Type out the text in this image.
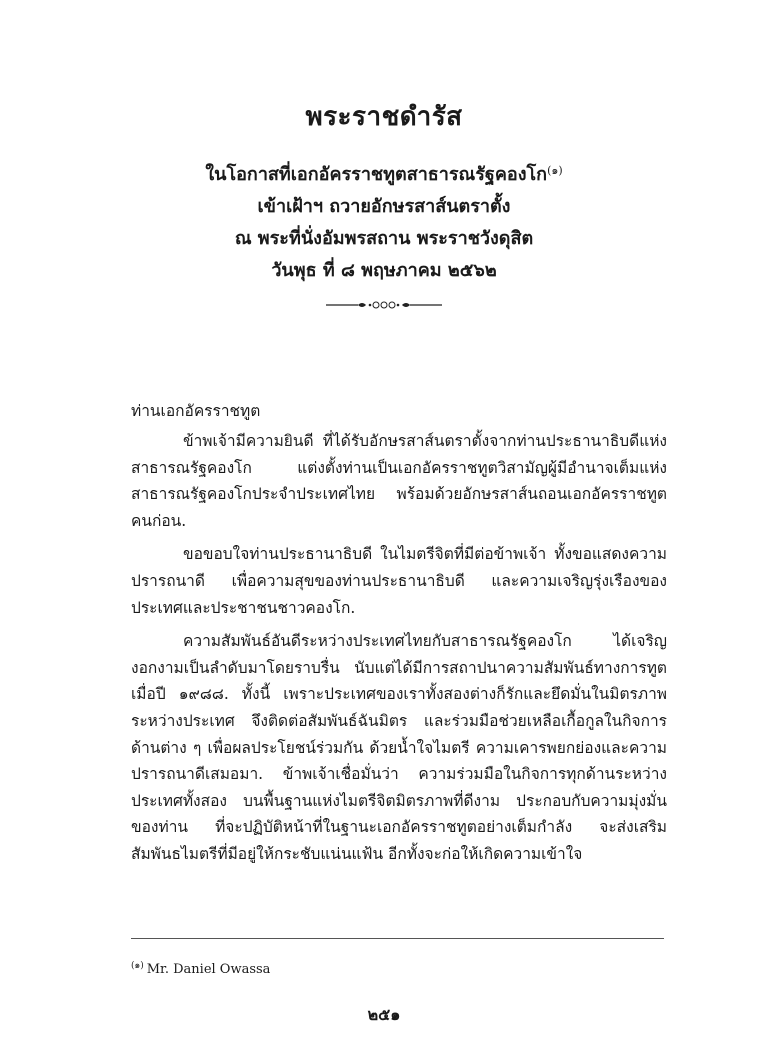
พระราชดำรัส
ในโอกาสที่เอกอัครราชทูตสาธารณรัฐคองโก$^{(๑)}$
เข้าเฝ้าฯ ถวายอักษรสาส์นตราตั้ง
ณ พระที่นั่งอัมพรสถาน พระราชวังดุสิต
วันพุธ ที่ ๘ พฤษภาคม ๒๕๖๒
ท่านเอกอัครราชทูต

ข้าพเจ้ามีความยินดี ที่ได้รับอักษรสาส์นตราตั้งจากท่านประธานาธิบดีแห่งสาธารณรัฐคองโก แต่งตั้งท่านเป็นเอกอัครราชทูตวิสามัญผู้มีอำนาจเต็มแห่งสาธารณรัฐคองโกประจำประเทศไทย พร้อมด้วยอักษรสาส์นถอนเอกอัครราชทูตคนก่อน.

ขอขอบใจท่านประธานาธิบดี ในไมตรีจิตที่มีต่อข้าพเจ้า ทั้งขอแสดงความปรารถนาดี เพื่อความสุขของท่านประธานาธิบดี และความเจริญรุ่งเรืองของประเทศและประชาชนชาวคองโก.

ความสัมพันธ์อันดีระหว่างประเทศไทยกับสาธารณรัฐคองโก ได้เจริญงอกงามเป็นลำดับมาโดยราบรื่น นับแต่ได้มีการสถาปนาความสัมพันธ์ทางการทูตเมื่อปี ๑๙๘๘. ทั้งนี้ เพราะประเทศของเราทั้งสองต่างก็รักและยึดมั่นในมิตรภาพระหว่างประเทศ จึงติดต่อสัมพันธ์ฉันมิตร และร่วมมือช่วยเหลือเกื้อกูลในกิจการด้านต่าง ๆ เพื่อผลประโยชน์ร่วมกัน ด้วยน้ำใจไมตรี ความเคารพยกย่องและความปรารถนาดีเสมอมา. ข้าพเจ้าเชื่อมั่นว่า ความร่วมมือในกิจการทุกด้านระหว่างประเทศทั้งสอง บนพื้นฐานแห่งไมตรีจิตมิตรภาพที่ดีงาม ประกอบกับความมุ่งมั่นของท่าน ที่จะปฏิบัติหน้าที่ในฐานะเอกอัครราชทูตอย่างเต็มกำลัง จะส่งเสริมสัมพันธไมตรีที่มีอยู่ให้กระชับแน่นแฟ้น อีกทั้งจะก่อให้เกิดความเข้าใจ

$^{(๑)}$ Mr. Daniel Owassa
๒๕๑
